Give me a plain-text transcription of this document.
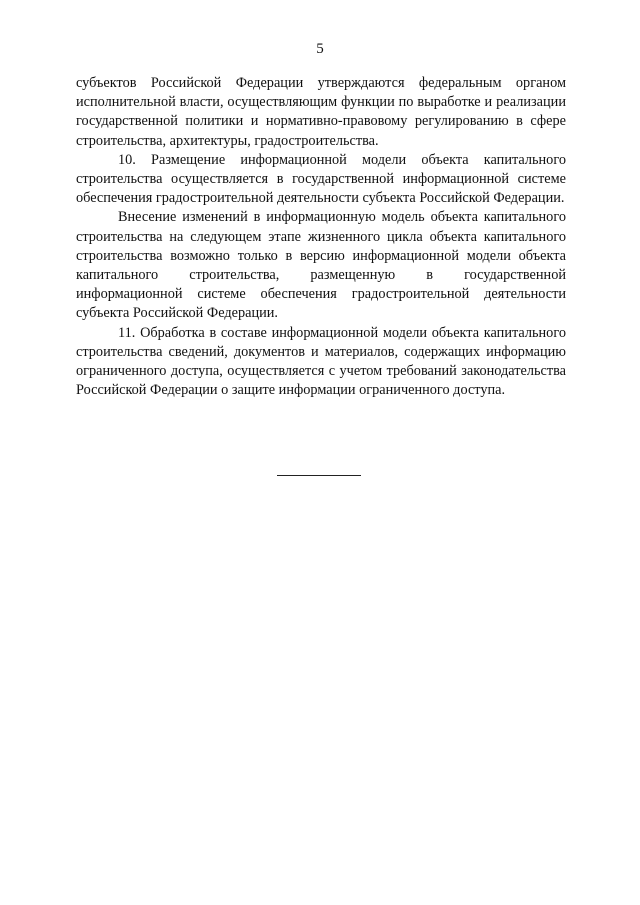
5

субъектов Российской Федерации утверждаются федеральным органом исполнительной власти, осуществляющим функции по выработке и реализации государственной политики и нормативно-правовому регулированию в сфере строительства, архитектуры, градостроительства.

10. Размещение информационной модели объекта капитального строительства осуществляется в государственной информационной системе обеспечения градостроительной деятельности субъекта Российской Федерации.

Внесение изменений в информационную модель объекта капитального строительства на следующем этапе жизненного цикла объекта капитального строительства возможно только в версию информационной модели объекта капитального строительства, размещенную в государственной информационной системе обеспечения градостроительной деятельности субъекта Российской Федерации.

11. Обработка в составе информационной модели объекта капитального строительства сведений, документов и материалов, содержащих информацию ограниченного доступа, осуществляется с учетом требований законодательства Российской Федерации о защите информации ограниченного доступа.
